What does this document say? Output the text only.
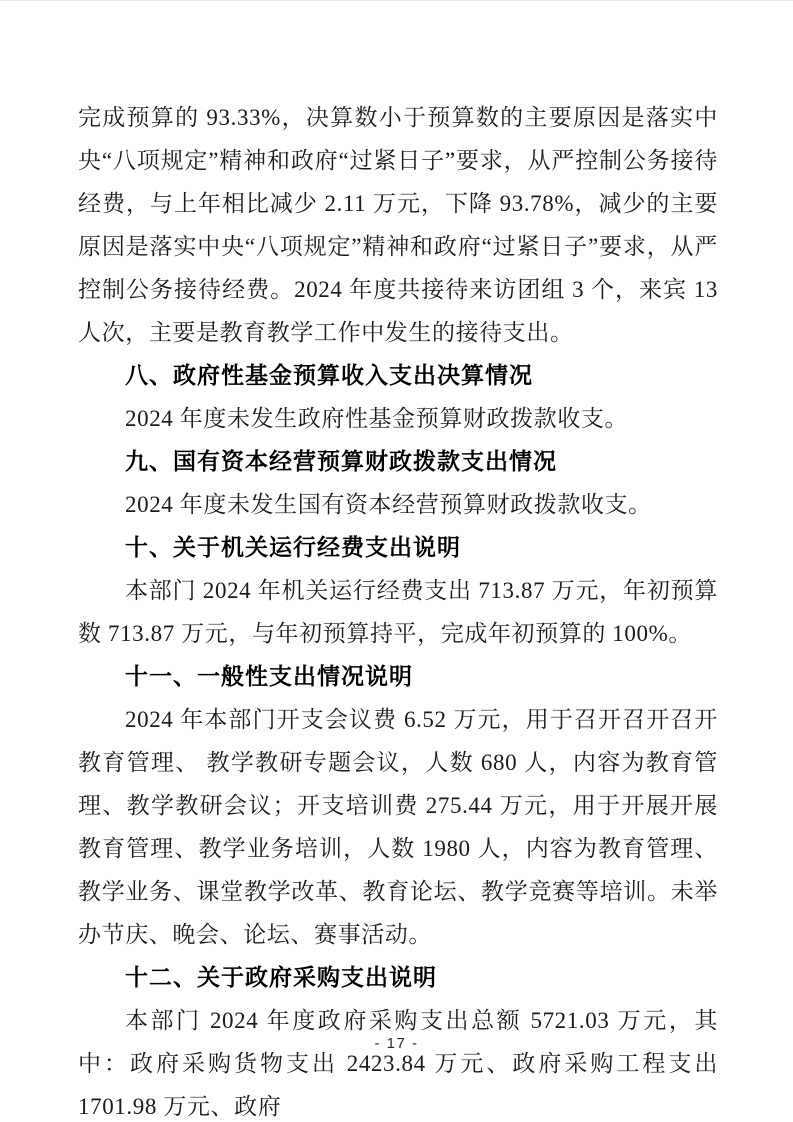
完成预算的 93.33%，决算数小于预算数的主要原因是落实中央“八项规定”精神和政府“过紧日子”要求，从严控制公务接待经费，与上年相比减少 2.11 万元，下降 93.78%，减少的主要原因是落实中央“八项规定”精神和政府“过紧日子”要求，从严控制公务接待经费。2024 年度共接待来访团组 3 个，来宾 13 人次，主要是教育教学工作中发生的接待支出。

八、政府性基金预算收入支出决算情况

2024 年度未发生政府性基金预算财政拨款收支。

九、国有资本经营预算财政拨款支出情况

2024 年度未发生国有资本经营预算财政拨款收支。

十、关于机关运行经费支出说明

本部门 2024 年机关运行经费支出 713.87 万元，年初预算数 713.87 万元，与年初预算持平，完成年初预算的 100%。

十一、一般性支出情况说明

2024 年本部门开支会议费 6.52 万元，用于召开召开召开教育管理、 教学教研专题会议，人数 680 人，内容为教育管理、教学教研会议；开支培训费 275.44 万元，用于开展开展教育管理、教学业务培训，人数 1980 人，内容为教育管理、教学业务、课堂教学改革、教育论坛、教学竞赛等培训。未举办节庆、晚会、论坛、赛事活动。

十二、关于政府采购支出说明

本部门 2024 年度政府采购支出总额 5721.03 万元，其中：政府采购货物支出 2423.84 万元、政府采购工程支出 1701.98 万元、政府

- 17 -
